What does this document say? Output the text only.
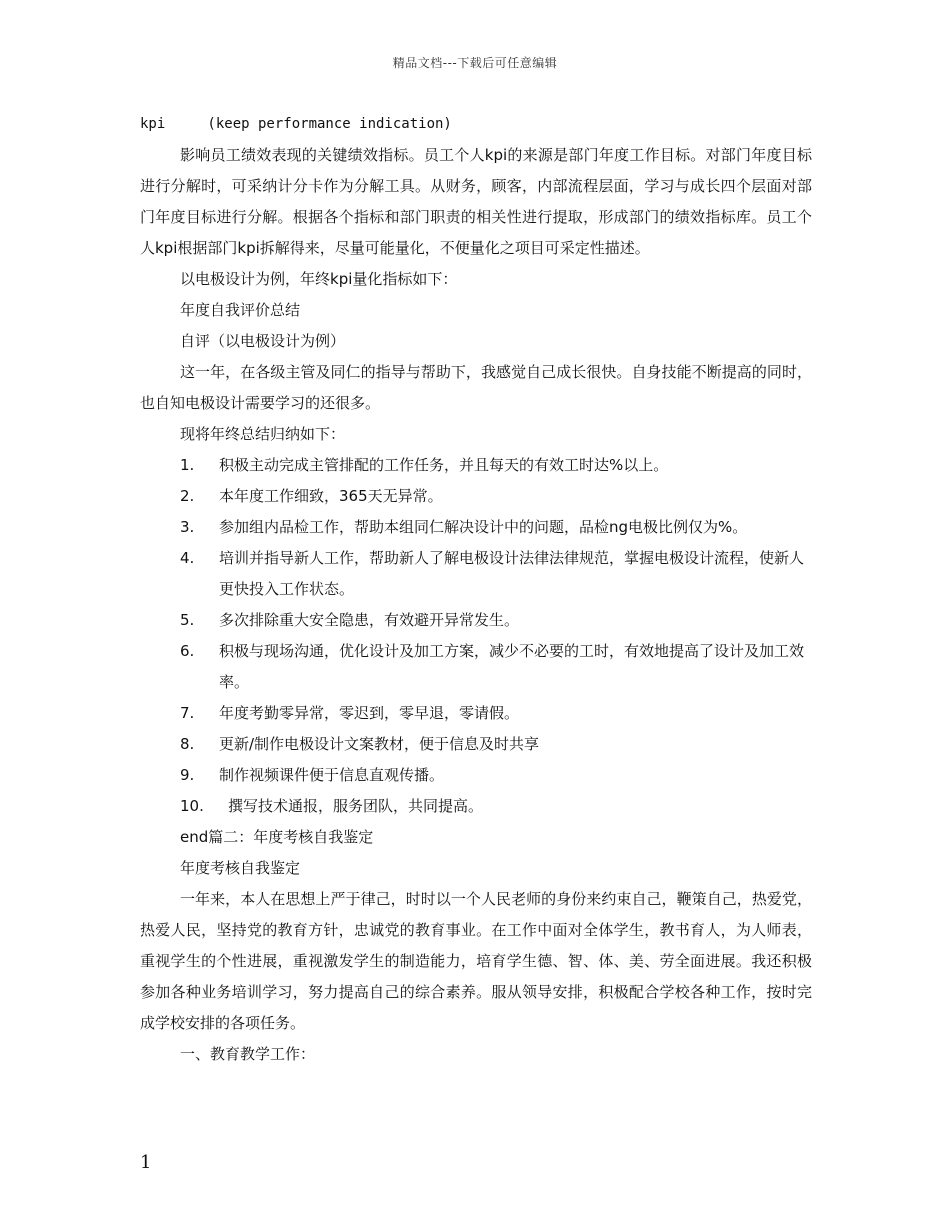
精品文档---下载后可任意编辑

kpi     (keep performance indication)

影响员工绩效表现的关键绩效指标。员工个人kpi的来源是部门年度工作目标。对部门年度目标进行分解时，可采纳计分卡作为分解工具。从财务，顾客，内部流程层面，学习与成长四个层面对部门年度目标进行分解。根据各个指标和部门职责的相关性进行提取，形成部门的绩效指标库。员工个人kpi根据部门kpi拆解得来，尽量可能量化，不便量化之项目可采定性描述。

以电极设计为例，年终kpi量化指标如下：

年度自我评价总结

自评（以电极设计为例）

这一年，在各级主管及同仁的指导与帮助下，我感觉自己成长很快。自身技能不断提高的同时，也自知电极设计需要学习的还很多。

现将年终总结归纳如下：

1. 积极主动完成主管排配的工作任务，并且每天的有效工时达%以上。

2. 本年度工作细致，365天无异常。

3. 参加组内品检工作，帮助本组同仁解决设计中的问题，品检ng电极比例仅为%。

4. 培训并指导新人工作，帮助新人了解电极设计法律法律规范，掌握电极设计流程，使新人更快投入工作状态。

5. 多次排除重大安全隐患，有效避开异常发生。

6. 积极与现场沟通，优化设计及加工方案，减少不必要的工时，有效地提高了设计及加工效率。

7. 年度考勤零异常，零迟到，零早退，零请假。

8. 更新/制作电极设计文案教材，便于信息及时共享

9. 制作视频课件便于信息直观传播。

10. 撰写技术通报，服务团队，共同提高。

end篇二：年度考核自我鉴定

年度考核自我鉴定

一年来，本人在思想上严于律己，时时以一个人民老师的身份来约束自己，鞭策自己，热爱党，热爱人民，坚持党的教育方针，忠诚党的教育事业。在工作中面对全体学生，教书育人，为人师表，重视学生的个性进展，重视激发学生的制造能力，培育学生德、智、体、美、劳全面进展。我还积极参加各种业务培训学习，努力提高自己的综合素养。服从领导安排，积极配合学校各种工作，按时完成学校安排的各项任务。

一、教育教学工作：

1
